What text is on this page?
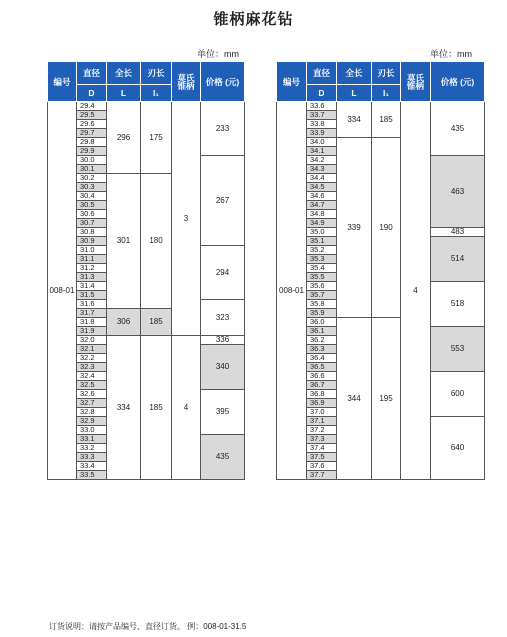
锥柄麻花钻
单位：mm	单位：mm
编号	直径	全长	刃长	莫氏
锥柄	价格 (元)
	D	L	l₁		
008-01	29.4	296	175	3	233
	29.5				
	29.6				
	29.7				
	29.8				
	29.9				
	30.0				267
	30.1				
	30.2	301	180		
	30.3				
	30.4				
	30.5				
	30.6				
	30.7				
	30.8				
	30.9				
	31.0				294
	31.1				
	31.2				
	31.3				
	31.4				
	31.5				
	31.6				323
	31.7	306	185		
	31.8				
	31.9				
	32.0	334	185	4	336
	32.1				340
	32.2				
	32.3				
	32.4				
	32.5				
	32.6				395
	32.7				
	32.8				
	32.9				
	33.0				
	33.1				435
	33.2				
	33.3				
	33.4				
	33.5				
编号	直径	全长	刃长	莫氏
锥柄	价格 (元)
	D	L	l₁		
008-01	33.6	334	185	4	435
	33.7				
	33.8				
	33.9				
	34.0	339	190		
	34.1				
	34.2				463
	34.3				
	34.4				
	34.5				
	34.6				
	34.7				
	34.8				
	34.9				
	35.0				483
	35.1				514
	35.2				
	35.3				
	35.4				
	35.5				
	35.6				518
	35.7				
	35.8				
	35.9				
	36.0	344	195		
	36.1				553
	36.2				
	36.3				
	36.4				
	36.5				
	36.6				600
	36.7				
	36.8				
	36.9				
	37.0				
	37.1				640
	37.2				
	37.3				
	37.4				
	37.5				
	37.6				
	37.7				
订货说明：请按产品编号、直径订货。 例：008-01-31.5
